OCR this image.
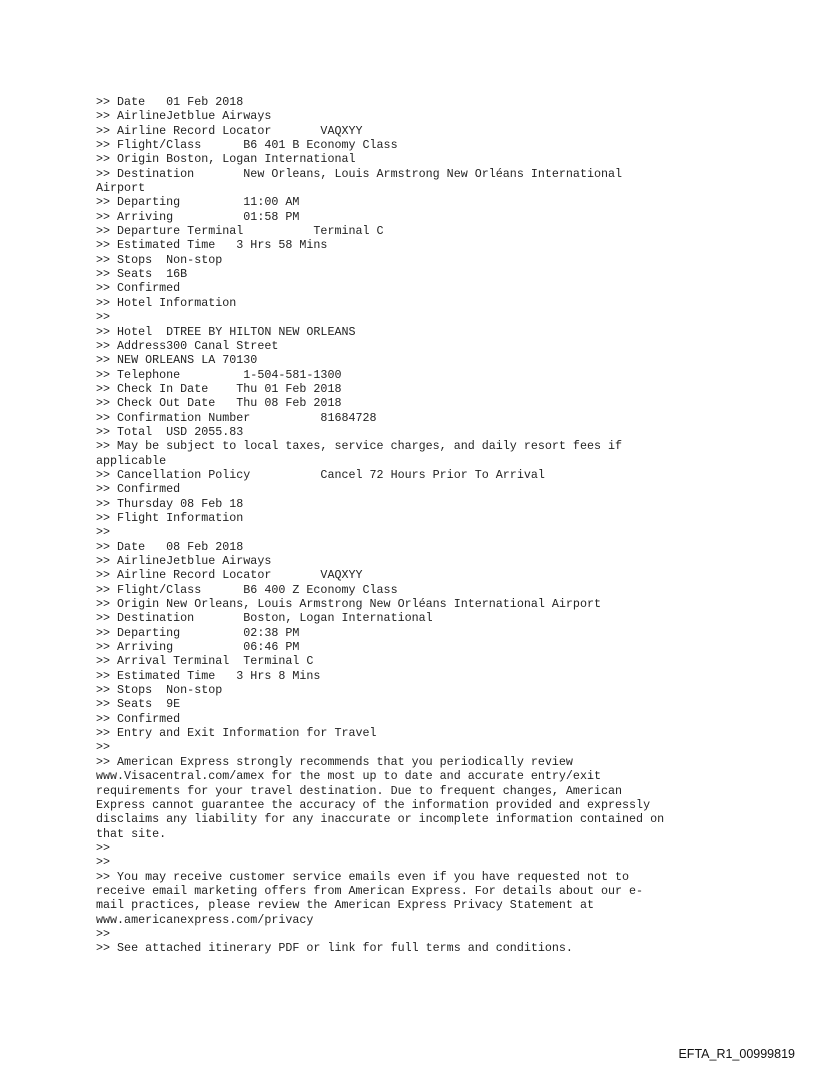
>> Date   01 Feb 2018
>> AirlineJetblue Airways
>> Airline Record Locator       VAQXYY
>> Flight/Class      B6 401 B Economy Class
>> Origin Boston, Logan International
>> Destination       New Orleans, Louis Armstrong New Orléans International
Airport
>> Departing         11:00 AM
>> Arriving          01:58 PM
>> Departure Terminal          Terminal C
>> Estimated Time   3 Hrs 58 Mins
>> Stops  Non-stop
>> Seats  16B
>> Confirmed
>> Hotel Information
>>
>> Hotel  DTREE BY HILTON NEW ORLEANS
>> Address300 Canal Street
>> NEW ORLEANS LA 70130
>> Telephone         1-504-581-1300
>> Check In Date    Thu 01 Feb 2018
>> Check Out Date   Thu 08 Feb 2018
>> Confirmation Number          81684728
>> Total  USD 2055.83
>> May be subject to local taxes, service charges, and daily resort fees if
applicable
>> Cancellation Policy          Cancel 72 Hours Prior To Arrival
>> Confirmed
>> Thursday 08 Feb 18
>> Flight Information
>>
>> Date   08 Feb 2018
>> AirlineJetblue Airways
>> Airline Record Locator       VAQXYY
>> Flight/Class      B6 400 Z Economy Class
>> Origin New Orleans, Louis Armstrong New Orléans International Airport
>> Destination       Boston, Logan International
>> Departing         02:38 PM
>> Arriving          06:46 PM
>> Arrival Terminal  Terminal C
>> Estimated Time   3 Hrs 8 Mins
>> Stops  Non-stop
>> Seats  9E
>> Confirmed
>> Entry and Exit Information for Travel
>>
>> American Express strongly recommends that you periodically review
www.Visacentral.com/amex for the most up to date and accurate entry/exit
requirements for your travel destination. Due to frequent changes, American
Express cannot guarantee the accuracy of the information provided and expressly
disclaims any liability for any inaccurate or incomplete information contained on
that site.
>>
>>
>> You may receive customer service emails even if you have requested not to
receive email marketing offers from American Express. For details about our e-
mail practices, please review the American Express Privacy Statement at
www.americanexpress.com/privacy
>>
>> See attached itinerary PDF or link for full terms and conditions.
EFTA_R1_00999819
